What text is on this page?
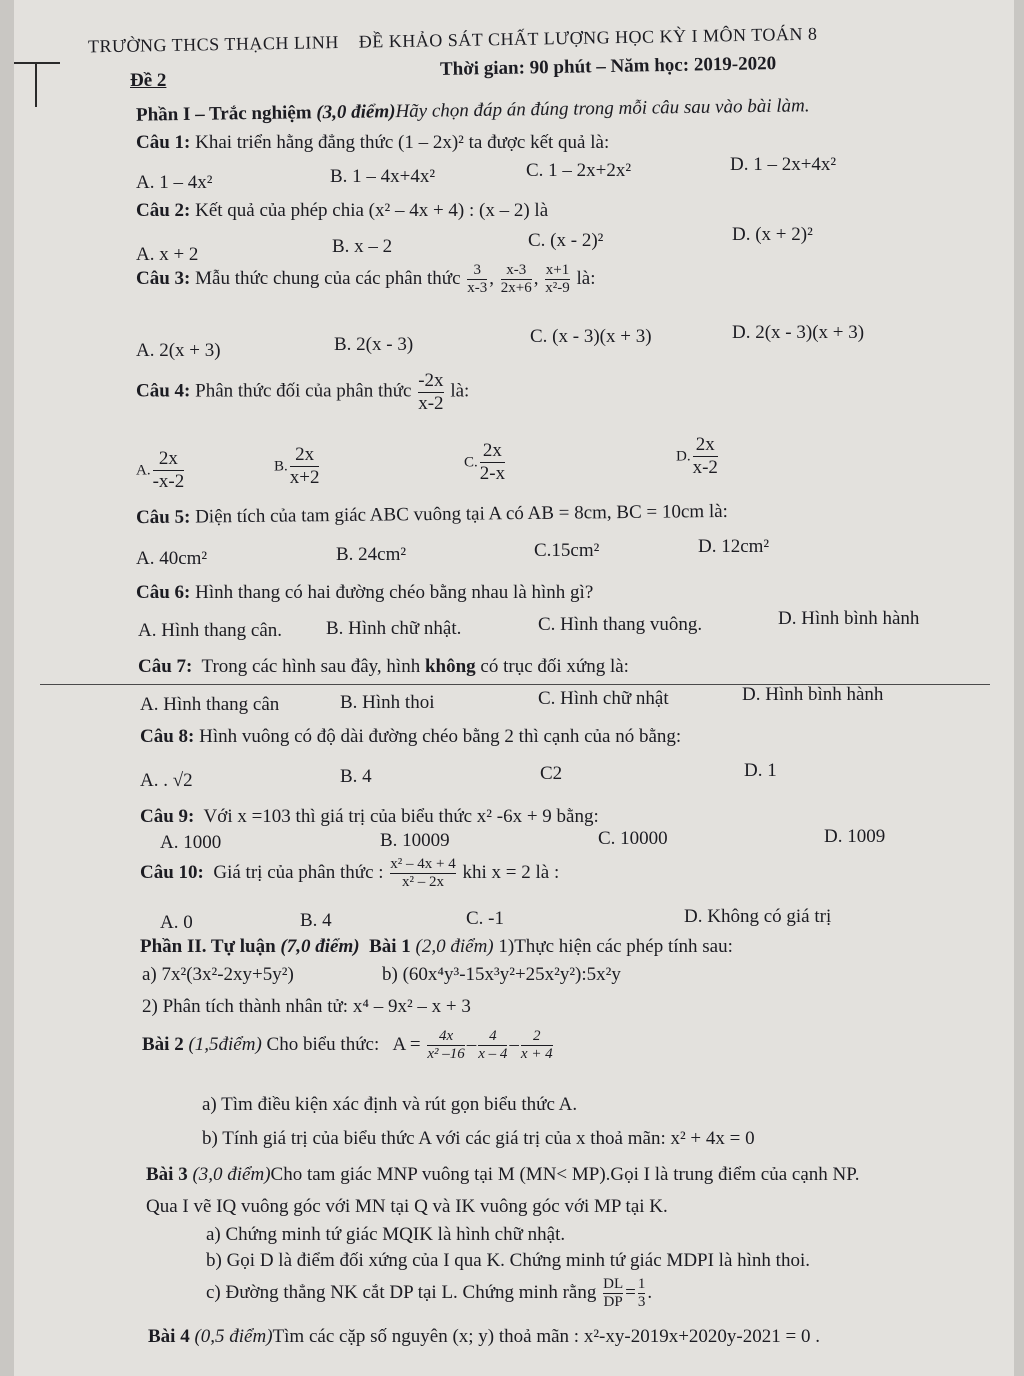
TRƯỜNG THCS THẠCH LINH ĐỀ KHẢO SÁT CHẤT LƯỢNG HỌC KỲ I MÔN TOÁN 8
Đề 2
Thời gian: 90 phút – Năm học: 2019-2020
Phần I – Trắc nghiệm (3,0 điểm)Hãy chọn đáp án đúng trong mỗi câu sau vào bài làm.
Câu 1: Khai triển hằng đẳng thức (1 – 2x)² ta được kết quả là:
A. 1 – 4x²	B. 1 – 4x+4x²	C. 1 – 2x+2x²	D. 1 – 2x+4x²
Câu 2: Kết quả của phép chia (x² – 4x + 4) : (x – 2) là
A. x + 2	B. x – 2	C. (x - 2)²	D. (x + 2)²
Câu 3: Mẫu thức chung của các phân thức $\frac{3}{x-3}$ , $\frac{x-3}{2x+6}$ , $\frac{x+1}{\text{x²-9}}$ là:
A. 2(x + 3)	B. 2(x - 3)	C. (x - 3)(x + 3)	D. 2(x - 3)(x + 3)
Câu 4: Phân thức đối của phân thức $\frac{-2x}{x-2}$ là:
A. $\frac{2x}{-x-2}$	B. $\frac{2x}{x+2}$	C. $\frac{2x}{2-x}$	D. $\frac{2x}{x-2}$
Câu 5: Diện tích của tam giác ABC vuông tại A có AB = 8cm, BC = 10cm là:
A. 40cm²	B. 24cm²	C.15cm²	D. 12cm²
Câu 6: Hình thang có hai đường chéo bằng nhau là hình gì?
A. Hình thang cân. B. Hình chữ nhật.	C. Hình thang vuông.	D. Hình bình hành
Câu 7: Trong các hình sau đây, hình không có trục đối xứng là:
A. Hình thang cân	B. Hình thoi	C. Hình chữ nhật	D. Hình bình hành
Câu 8: Hình vuông có độ dài đường chéo bằng 2 thì cạnh của nó bằng:
A. . √2	B. 4	C2	D. 1
Câu 9: Với x =103 thì giá trị của biểu thức x² -6x + 9 bằng:
A. 1000	B. 10009	C. 10000	D. 1009
Câu 10: Giá trị của phân thức : $\frac{\text{x² – 4x + 4}}{\text{x² – 2x}}$ khi x = 2 là :
A. 0	B. 4	C. -1	D. Không có giá trị
Phần II. Tự luận (7,0 điểm) Bài 1 (2,0 điểm) 1)Thực hiện các phép tính sau:
a) 7x²(3x²-2xy+5y²)	b) (60x⁴y³-15x³y²+25x²y²):5x²y
2) Phân tích thành nhân tử: x⁴ – 9x² – x + 3
Bài 2 (1,5điểm) Cho biểu thức: $A = \frac{4x}{\text{x² –16}} - \frac{4}{x - 4} - \frac{2}{x + 4}$
a) Tìm điều kiện xác định và rút gọn biểu thức A.
b) Tính giá trị của biểu thức A với các giá trị của x thoả mãn: x² + 4x = 0
Bài 3 (3,0 điểm)Cho tam giác MNP vuông tại M (MN< MP).Gọi I là trung điểm của cạnh NP.
Qua I vẽ IQ vuông góc với MN tại Q và IK vuông góc với MP tại K.
a) Chứng minh tứ giác MQIK là hình chữ nhật.
b) Gọi D là điểm đối xứng của I qua K. Chứng minh tứ giác MDPI là hình thoi.
c) Đường thẳng NK cắt DP tại L. Chứng minh rằng $\frac{DL}{DP} = \frac{1}{3}$ .
Bài 4 (0,5 điểm)Tìm các cặp số nguyên (x; y) thoả mãn : x²-xy-2019x+2020y-2021 = 0 .
